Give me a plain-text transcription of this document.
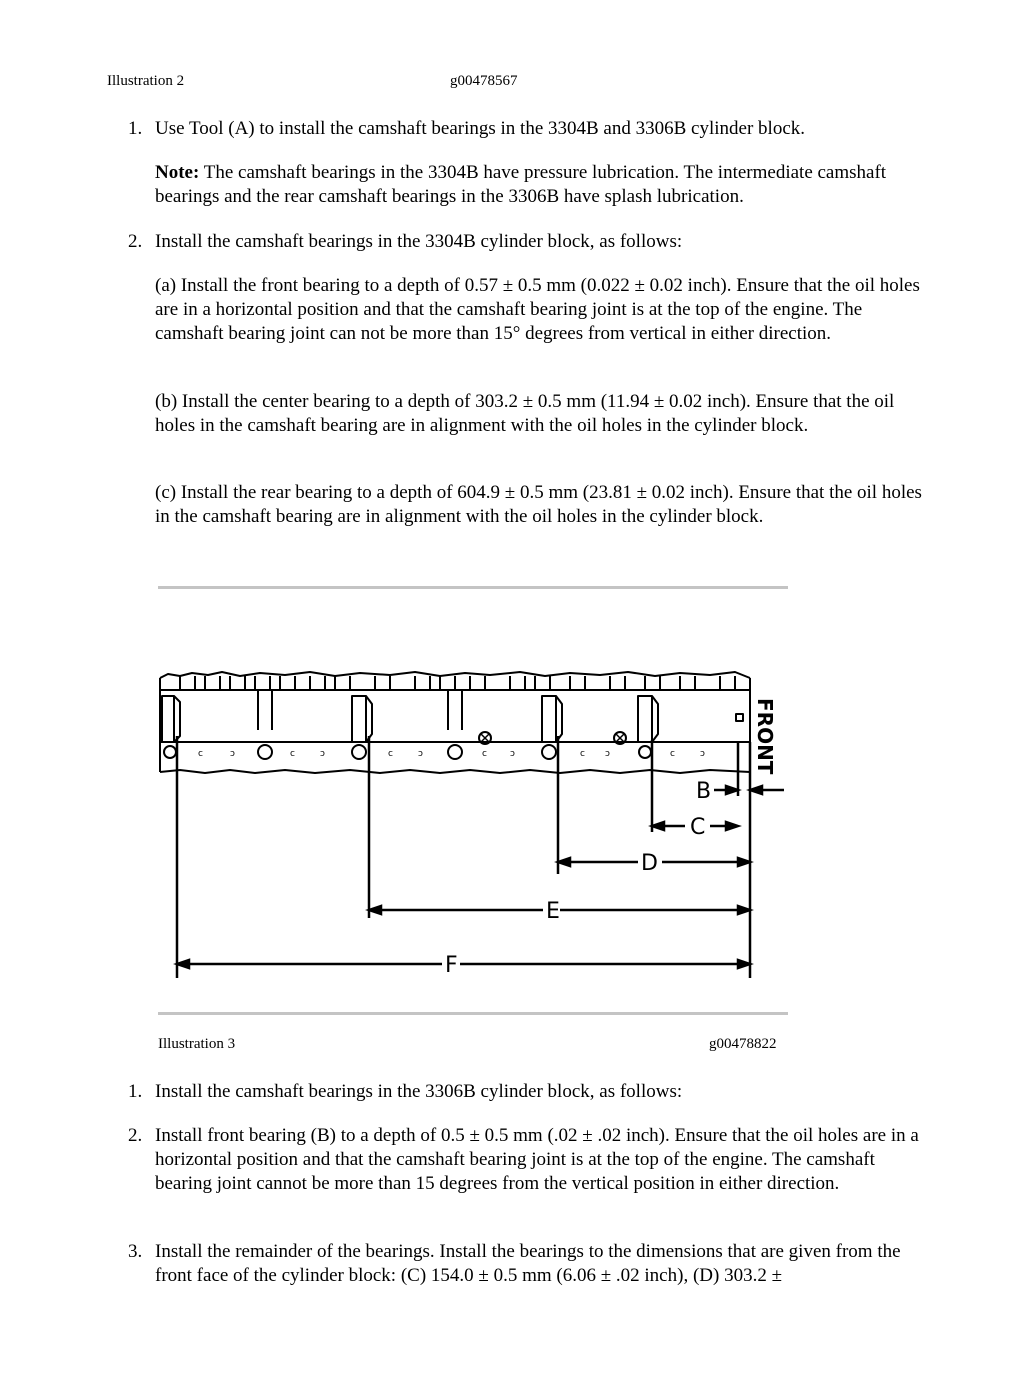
Illustration 2	g00478567
1. Use Tool (A) to install the camshaft bearings in the 3304B and 3306B cylinder block.
Note: The camshaft bearings in the 3304B have pressure lubrication. The intermediate camshaft bearings and the rear camshaft bearings in the 3306B have splash lubrication.
2. Install the camshaft bearings in the 3304B cylinder block, as follows:
(a) Install the front bearing to a depth of 0.57 ± 0.5 mm (0.022 ± 0.02 inch). Ensure that the oil holes are in a horizontal position and that the camshaft bearing joint is at the top of the engine. The camshaft bearing joint can not be more than 15° degrees from vertical in either direction.
(b) Install the center bearing to a depth of 303.2 ± 0.5 mm (11.94 ± 0.02 inch). Ensure that the oil holes in the camshaft bearing are in alignment with the oil holes in the cylinder block.
(c) Install the rear bearing to a depth of 604.9 ± 0.5 mm (23.81 ± 0.02 inch). Ensure that the oil holes in the camshaft bearing are in alignment with the oil holes in the cylinder block.
c	ɔ	c	ɔ	c	ɔ	c	ɔ	c ɔ	c	ɔ
B
C
D
E
F
FRONT
Illustration 3	g00478822
1. Install the camshaft bearings in the 3306B cylinder block, as follows:
2. Install front bearing (B) to a depth of 0.5 ± 0.5 mm (.02 ± .02 inch). Ensure that the oil holes are in a horizontal position and that the camshaft bearing joint is at the top of the engine. The camshaft bearing joint cannot be more than 15 degrees from the vertical position in either direction.
3. Install the remainder of the bearings. Install the bearings to the dimensions that are given from the front face of the cylinder block: (C) 154.0 ± 0.5 mm (6.06 ± .02 inch), (D) 303.2 ±
